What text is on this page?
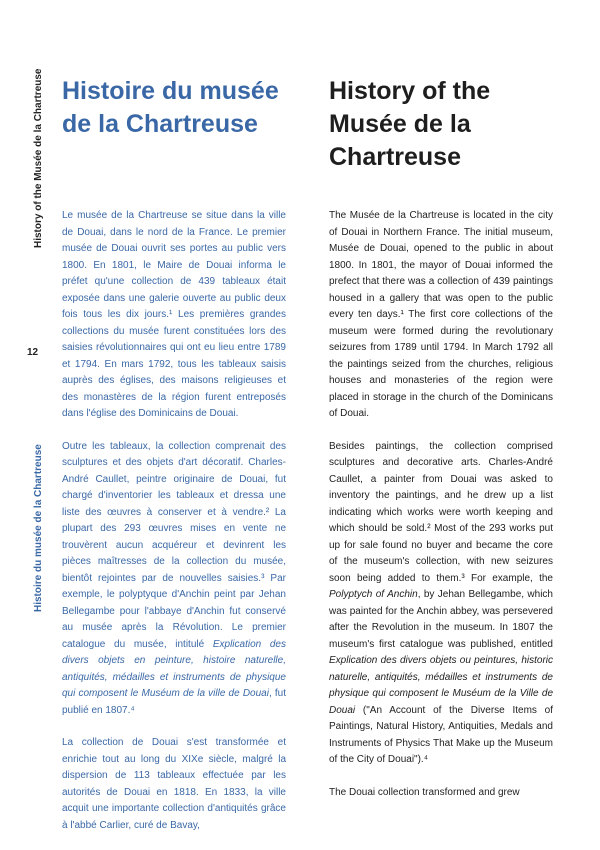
History of the Musée de la Chartreuse
12
Histoire du musée de la Chartreuse
Histoire du musée de la Chartreuse

Le musée de la Chartreuse se situe dans la ville de Douai, dans le nord de la France. Le premier musée de Douai ouvrit ses portes au public vers 1800. En 1801, le Maire de Douai informa le préfet qu'une collection de 439 tableaux était exposée dans une galerie ouverte au public deux fois tous les dix jours.¹ Les premières grandes collections du musée furent constituées lors des saisies révolutionnaires qui ont eu lieu entre 1789 et 1794. En mars 1792, tous les tableaux saisis auprès des églises, des maisons religieuses et des monastères de la région furent entreposés dans l'église des Dominicains de Douai.

Outre les tableaux, la collection comprenait des sculptures et des objets d'art décoratif. Charles-André Caullet, peintre originaire de Douai, fut chargé d'inventorier les tableaux et dressa une liste des œuvres à conserver et à vendre.² La plupart des 293 œuvres mises en vente ne trouvèrent aucun acquéreur et devinrent les pièces maîtresses de la collection du musée, bientôt rejointes par de nouvelles saisies.³ Par exemple, le polyptyque d'Anchin peint par Jehan Bellegambe pour l'abbaye d'Anchin fut conservé au musée après la Révolution. Le premier catalogue du musée, intitulé Explication des divers objets en peinture, histoire naturelle, antiquités, médailles et instruments de physique qui composent le Muséum de la ville de Douai, fut publié en 1807.⁴

La collection de Douai s'est transformée et enrichie tout au long du XIXe siècle, malgré la dispersion de 113 tableaux effectuée par les autorités de Douai en 1818. En 1833, la ville acquit une importante collection d'antiquités grâce à l'abbé Carlier, curé de Bavay,

History of the Musée de la Chartreuse

The Musée de la Chartreuse is located in the city of Douai in Northern France. The initial museum, Musée de Douai, opened to the public in about 1800. In 1801, the mayor of Douai informed the prefect that there was a collection of 439 paintings housed in a gallery that was open to the public every ten days.¹ The first core collections of the museum were formed during the revolutionary seizures from 1789 until 1794. In March 1792 all the paintings seized from the churches, religious houses and monasteries of the region were placed in storage in the church of the Dominicans of Douai.

Besides paintings, the collection comprised sculptures and decorative arts. Charles-André Caullet, a painter from Douai was asked to inventory the paintings, and he drew up a list indicating which works were worth keeping and which should be sold.² Most of the 293 works put up for sale found no buyer and became the core of the museum's collection, with new seizures soon being added to them.³ For example, the Polyptych of Anchin, by Jehan Bellegambe, which was painted for the Anchin abbey, was persevered after the Revolution in the museum. In 1807 the museum's first catalogue was published, entitled Explication des divers objets ou peintures, historic naturelle, antiquités, médailles et instruments de physique qui composent le Muséum de la Ville de Douai ("An Account of the Diverse Items of Paintings, Natural History, Antiquities, Medals and Instruments of Physics That Make up the Museum of the City of Douai").⁴

The Douai collection transformed and grew
